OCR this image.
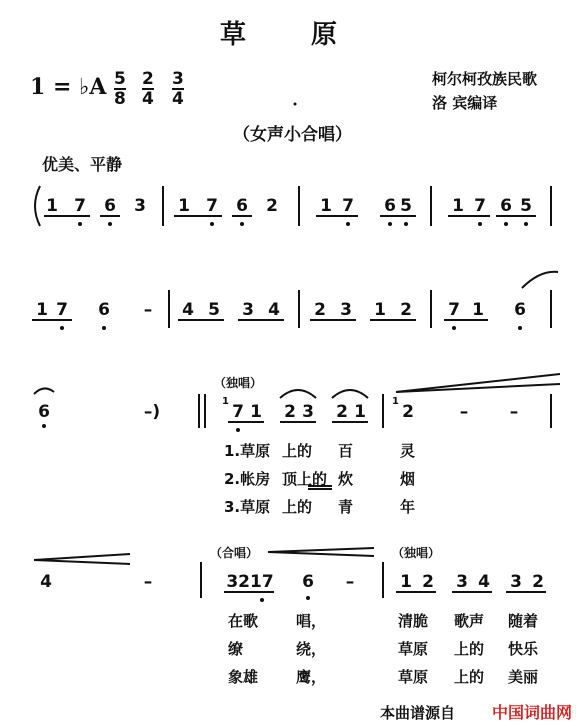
草 原
1 = ♭A 5
8
2
4
3
4
柯尔柯孜族民歌
洛 宾编译
（女声小合唱）
优美、平静
1 7 6 3 1 7 6 2 1 7 6 5 1 7 6 5
1 7 6 – 4 5 3 4 2 3 1 2 7 1 6
（独唱）
1	1
6	–)	7 1 2 3 2 1 2	– –
1.草原 上的 百	灵
2.帐房 顶上的 炊	烟
3.草原 上的 青	年
（合唱）	（独唱）
4	–	3217 6 –	1 2 3 4 3 2
在歌	唱，	清脆 歌声 随着
缭	绕，	草原 上的 快乐
象雄	鹰，	草原 上的 美丽
本曲谱源自 中国词曲网
